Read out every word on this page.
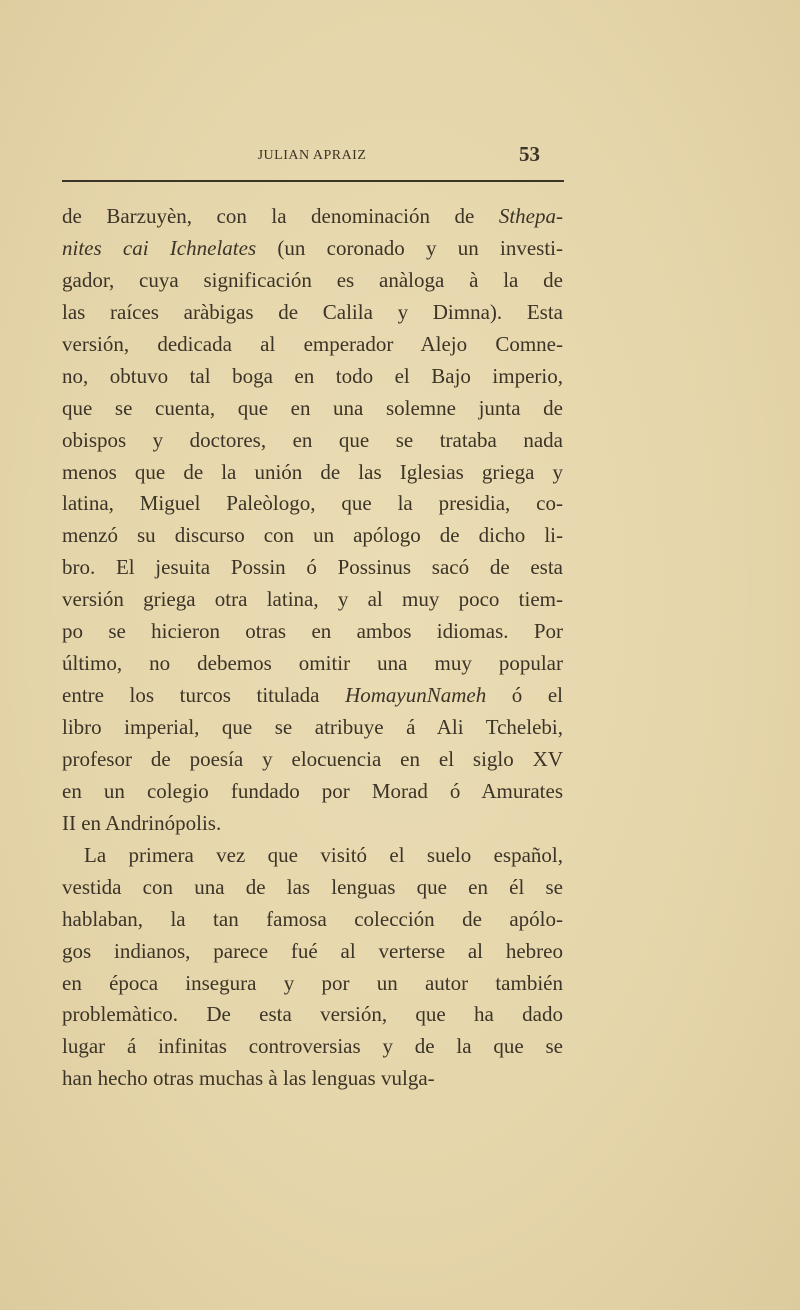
JULIAN APRAIZ	53
de Barzuyèn, con la denominación de Sthepa-
nites cai Ichnelates (un coronado y un investi-
gador, cuya significación es anàloga à la de
las raíces aràbigas de Calila y Dimna). Esta
versión, dedicada al emperador Alejo Comne-
no, obtuvo tal boga en todo el Bajo imperio,
que se cuenta, que en una solemne junta de
obispos y doctores, en que se trataba nada
menos que de la unión de las Iglesias griega y
latina, Miguel Paleòlogo, que la presidia, co-
menzó su discurso con un apólogo de dicho li-
bro. El jesuita Possin ó Possinus sacó de esta
versión griega otra latina, y al muy poco tiem-
po se hicieron otras en ambos idiomas. Por
último, no debemos omitir una muy popular
entre los turcos titulada HomayunNameh ó el
libro imperial, que se atribuye á Ali Tchelebi,
profesor de poesía y elocuencia en el siglo XV
en un colegio fundado por Morad ó Amurates
II en Andrinópolis.
La primera vez que visitó el suelo español,
vestida con una de las lenguas que en él se
hablaban, la tan famosa colección de apólo-
gos indianos, parece fué al verterse al hebreo
en época insegura y por un autor también
problemàtico. De esta versión, que ha dado
lugar á infinitas controversias y de la que se
han hecho otras muchas à las lenguas vulga-
